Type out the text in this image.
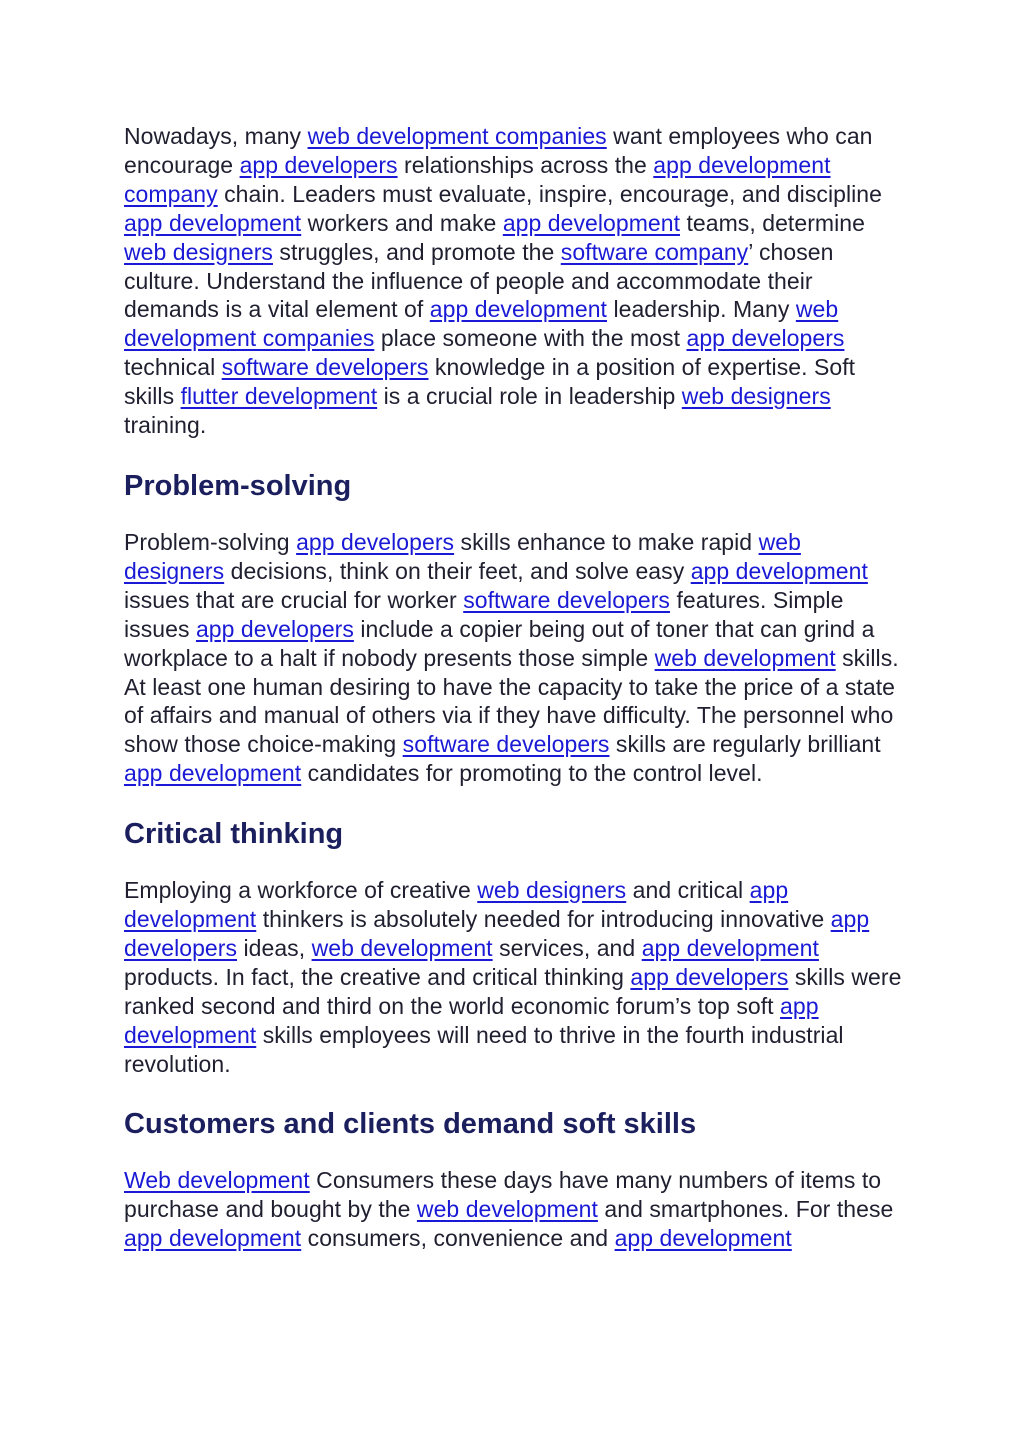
Nowadays, many web development companies want employees who can encourage app developers relationships across the app development company chain. Leaders must evaluate, inspire, encourage, and discipline app development workers and make app development teams, determine web designers struggles, and promote the software company’ chosen culture. Understand the influence of people and accommodate their demands is a vital element of app development leadership. Many web development companies place someone with the most app developers technical software developers knowledge in a position of expertise. Soft skills flutter development is a crucial role in leadership web designers training.

Problem-solving

Problem-solving app developers skills enhance to make rapid web designers decisions, think on their feet, and solve easy app development issues that are crucial for worker software developers features. Simple issues app developers include a copier being out of toner that can grind a workplace to a halt if nobody presents those simple web development skills. At least one human desiring to have the capacity to take the price of a state of affairs and manual of others via if they have difficulty. The personnel who show those choice-making software developers skills are regularly brilliant app development candidates for promoting to the control level.

Critical thinking

Employing a workforce of creative web designers and critical app development thinkers is absolutely needed for introducing innovative app developers ideas, web development services, and app development products. In fact, the creative and critical thinking app developers skills were ranked second and third on the world economic forum’s top soft app development skills employees will need to thrive in the fourth industrial revolution.

Customers and clients demand soft skills

Web development Consumers these days have many numbers of items to purchase and bought by the web development and smartphones. For these app development consumers, convenience and app development
